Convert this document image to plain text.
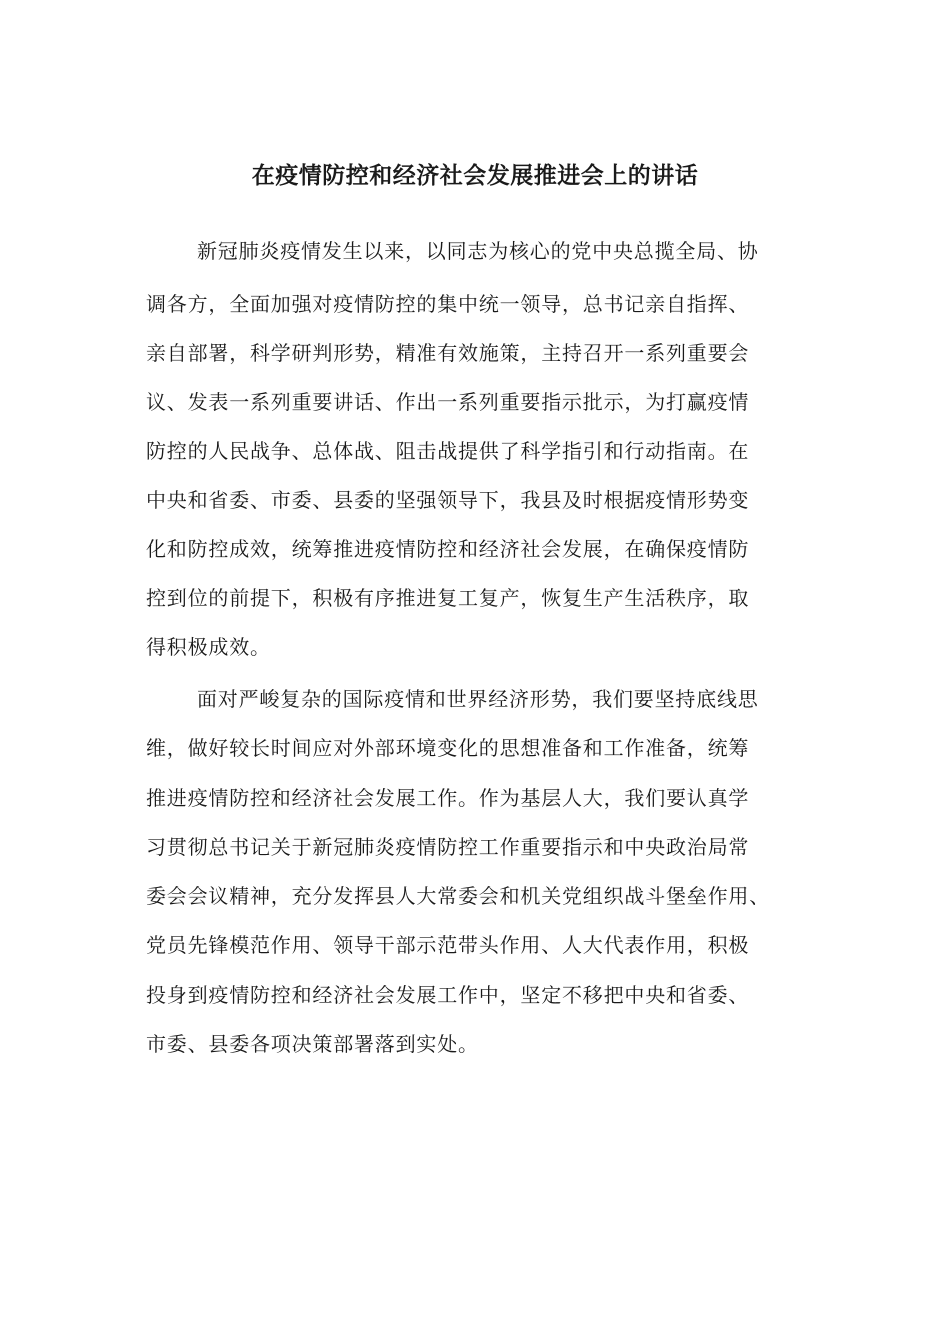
在疫情防控和经济社会发展推进会上的讲话
新冠肺炎疫情发生以来，以同志为核心的党中央总揽全局、协
调各方，全面加强对疫情防控的集中统一领导，总书记亲自指挥、
亲自部署，科学研判形势，精准有效施策，主持召开一系列重要会
议、发表一系列重要讲话、作出一系列重要指示批示，为打赢疫情
防控的人民战争、总体战、阻击战提供了科学指引和行动指南。在
中央和省委、市委、县委的坚强领导下，我县及时根据疫情形势变
化和防控成效，统筹推进疫情防控和经济社会发展，在确保疫情防
控到位的前提下，积极有序推进复工复产，恢复生产生活秩序，取
得积极成效。
面对严峻复杂的国际疫情和世界经济形势，我们要坚持底线思
维，做好较长时间应对外部环境变化的思想准备和工作准备，统筹
推进疫情防控和经济社会发展工作。作为基层人大，我们要认真学
习贯彻总书记关于新冠肺炎疫情防控工作重要指示和中央政治局常
委会会议精神，充分发挥县人大常委会和机关党组织战斗堡垒作用、
党员先锋模范作用、领导干部示范带头作用、人大代表作用，积极
投身到疫情防控和经济社会发展工作中，坚定不移把中央和省委、
市委、县委各项决策部署落到实处。
